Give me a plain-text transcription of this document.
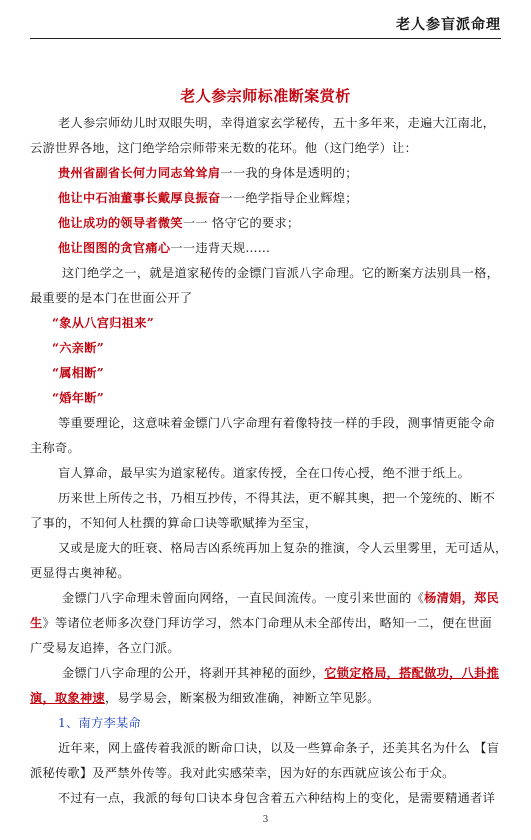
老人参盲派命理
老人参宗师标准断案赏析
老人参宗师幼儿时双眼失明，幸得道家玄学秘传，五十多年来，走遍大江南北，
云游世界各地，这门绝学给宗师带来无数的花环。他（这门绝学）让：
贵州省副省长何力同志耸耸肩一一我的身体是透明的；
他让中石油董事长戴厚良振奋一一绝学指导企业辉煌；
他让成功的领导者微笑一一 恪守它的要求；
他让图图的贪官痛心一一违背天规……
这门绝学之一，就是道家秘传的金镖门盲派八字命理。它的断案方法别具一格，
最重要的是本门在世面公开了
“象从八宫归祖来”
“六亲断”
“属相断”
“婚年断”
等重要理论，这意味着金镖门八字命理有着像特技一样的手段，测事情更能令命
主称奇。
盲人算命，最早实为道家秘传。道家传授，全在口传心授，绝不泄于纸上。
历来世上所传之书，乃相互抄传，不得其法，更不解其奥，把一个笼统的、断不
了事的，不知何人杜撰的算命口诀等歌赋捧为至宝，
又或是庞大的旺衰、格局吉凶系统再加上复杂的推演，令人云里雾里，无可适从，
更显得古奥神秘。
金镖门八字命理未曾面向网络，一直民间流传。一度引来世面的《杨清娟，郑民
生》等诸位老师多次登门拜访学习，然本门命理从未全部传出，略知一二，便在世面
广受易友追捧，各立门派。
金镖门八字命理的公开，将剥开其神秘的面纱，它锁定格局，搭配做功，八卦推
演，取象神速，易学易会，断案极为细致准确，神断立竿见影。
1、南方李某命
近年来，网上盛传着我派的断命口诀，以及一些算命条子，还美其名为什么 【盲
派秘传歌】及严禁外传等。我对此实感荣幸，因为好的东西就应该公布于众。
不过有一点，我派的每句口诀本身包含着五六种结构上的变化，是需要精通者详
3
